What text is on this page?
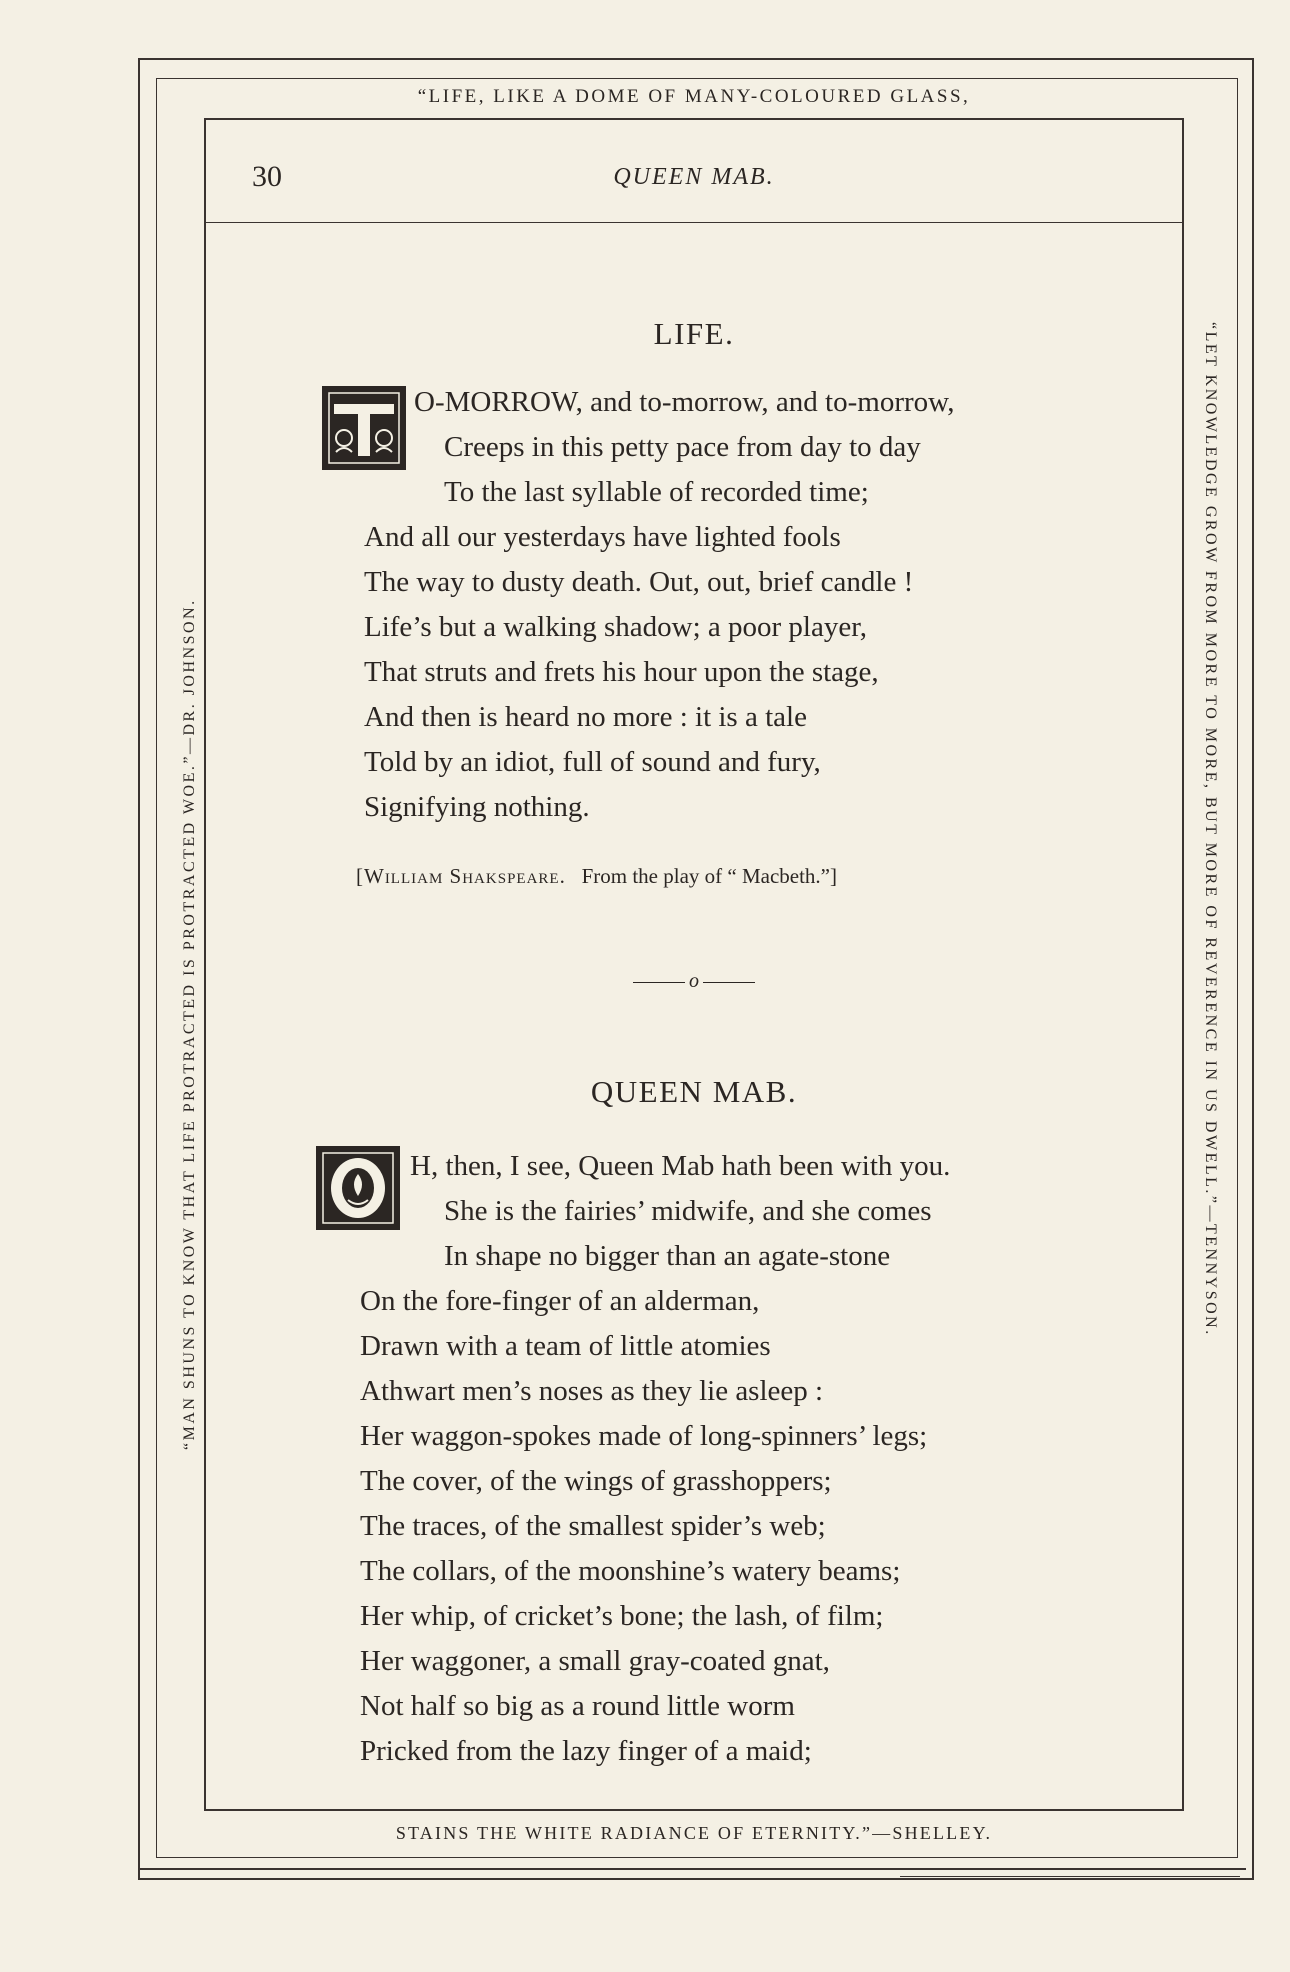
“LIFE, LIKE A DOME OF MANY-COLOURED GLASS,
STAINS THE WHITE RADIANCE OF ETERNITY.”—SHELLEY.
“MAN SHUNS TO KNOW THAT LIFE PROTRACTED IS PROTRACTED WOE.”—DR. JOHNSON.	“LET KNOWLEDGE GROW FROM MORE TO MORE, BUT MORE OF REVERENCE IN US DWELL.”—TENNYSON.
30	QUEEN MAB.
LIFE.
O-MORROW, and to-morrow, and to-morrow,
Creeps in this petty pace from day to day
To the last syllable of recorded time;
And all our yesterdays have lighted fools
The way to dusty death. Out, out, brief candle !
Life’s but a walking shadow; a poor player,
That struts and frets his hour upon the stage,
And then is heard no more : it is a tale
Told by an idiot, full of sound and fury,
Signifying nothing.
[William Shakspeare. From the play of “ Macbeth.”]
o
QUEEN MAB.
H, then, I see, Queen Mab hath been with you.
She is the fairies’ midwife, and she comes
In shape no bigger than an agate-stone
On the fore-finger of an alderman,
Drawn with a team of little atomies
Athwart men’s noses as they lie asleep :
Her waggon-spokes made of long-spinners’ legs;
The cover, of the wings of grasshoppers;
The traces, of the smallest spider’s web;
The collars, of the moonshine’s watery beams;
Her whip, of cricket’s bone; the lash, of film;
Her waggoner, a small gray-coated gnat,
Not half so big as a round little worm
Pricked from the lazy finger of a maid;
